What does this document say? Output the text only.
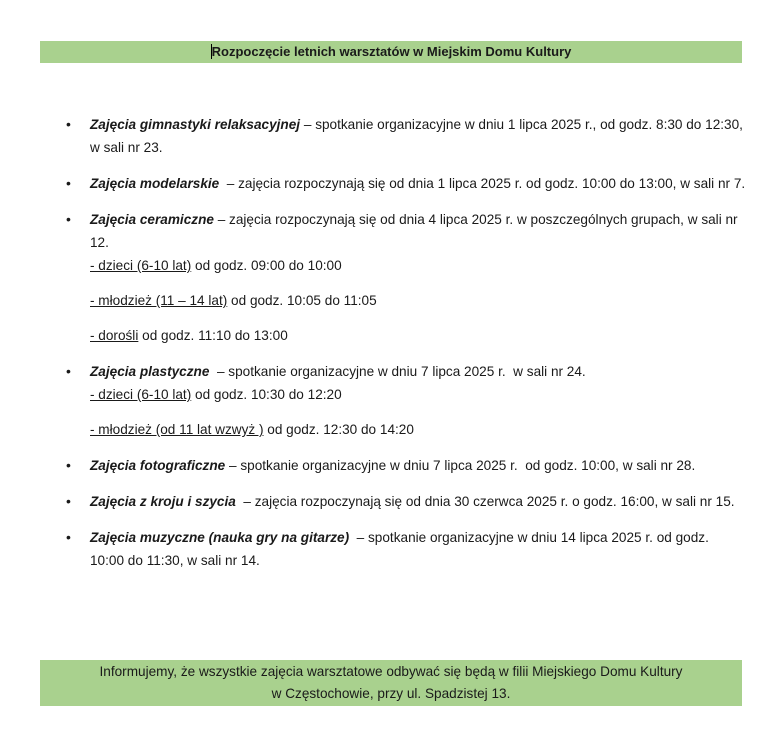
Rozpoczęcie letnich warsztatów w Miejskim Domu Kultury
•	Zajęcia gimnastyki relaksacyjnej – spotkanie organizacyjne w dniu 1 lipca 2025 r., od godz. 8:30 do 12:30, w sali nr 23.
•	Zajęcia modelarskie  – zajęcia rozpoczynają się od dnia 1 lipca 2025 r. od godz. 10:00 do 13:00, w sali nr 7.
•	Zajęcia ceramiczne – zajęcia rozpoczynają się od dnia 4 lipca 2025 r. w poszczególnych grupach, w sali nr 12.
- dzieci (6-10 lat) od godz. 09:00 do 10:00
- młodzież (11 – 14 lat) od godz. 10:05 do 11:05
- dorośli od godz. 11:10 do 13:00
•	Zajęcia plastyczne  – spotkanie organizacyjne w dniu 7 lipca 2025 r.  w sali nr 24.
- dzieci (6-10 lat) od godz. 10:30 do 12:20
- młodzież (od 11 lat wzwyż ) od godz. 12:30 do 14:20
•	Zajęcia fotograficzne – spotkanie organizacyjne w dniu 7 lipca 2025 r.  od godz. 10:00, w sali nr 28.
•	Zajęcia z kroju i szycia  – zajęcia rozpoczynają się od dnia 30 czerwca 2025 r. o godz. 16:00, w sali nr 15.
•	Zajęcia muzyczne (nauka gry na gitarze)  – spotkanie organizacyjne w dniu 14 lipca 2025 r. od godz. 10:00 do 11:30, w sali nr 14.
Informujemy, że wszystkie zajęcia warsztatowe odbywać się będą w filii Miejskiego Domu Kultury
w Częstochowie, przy ul. Spadzistej 13.
